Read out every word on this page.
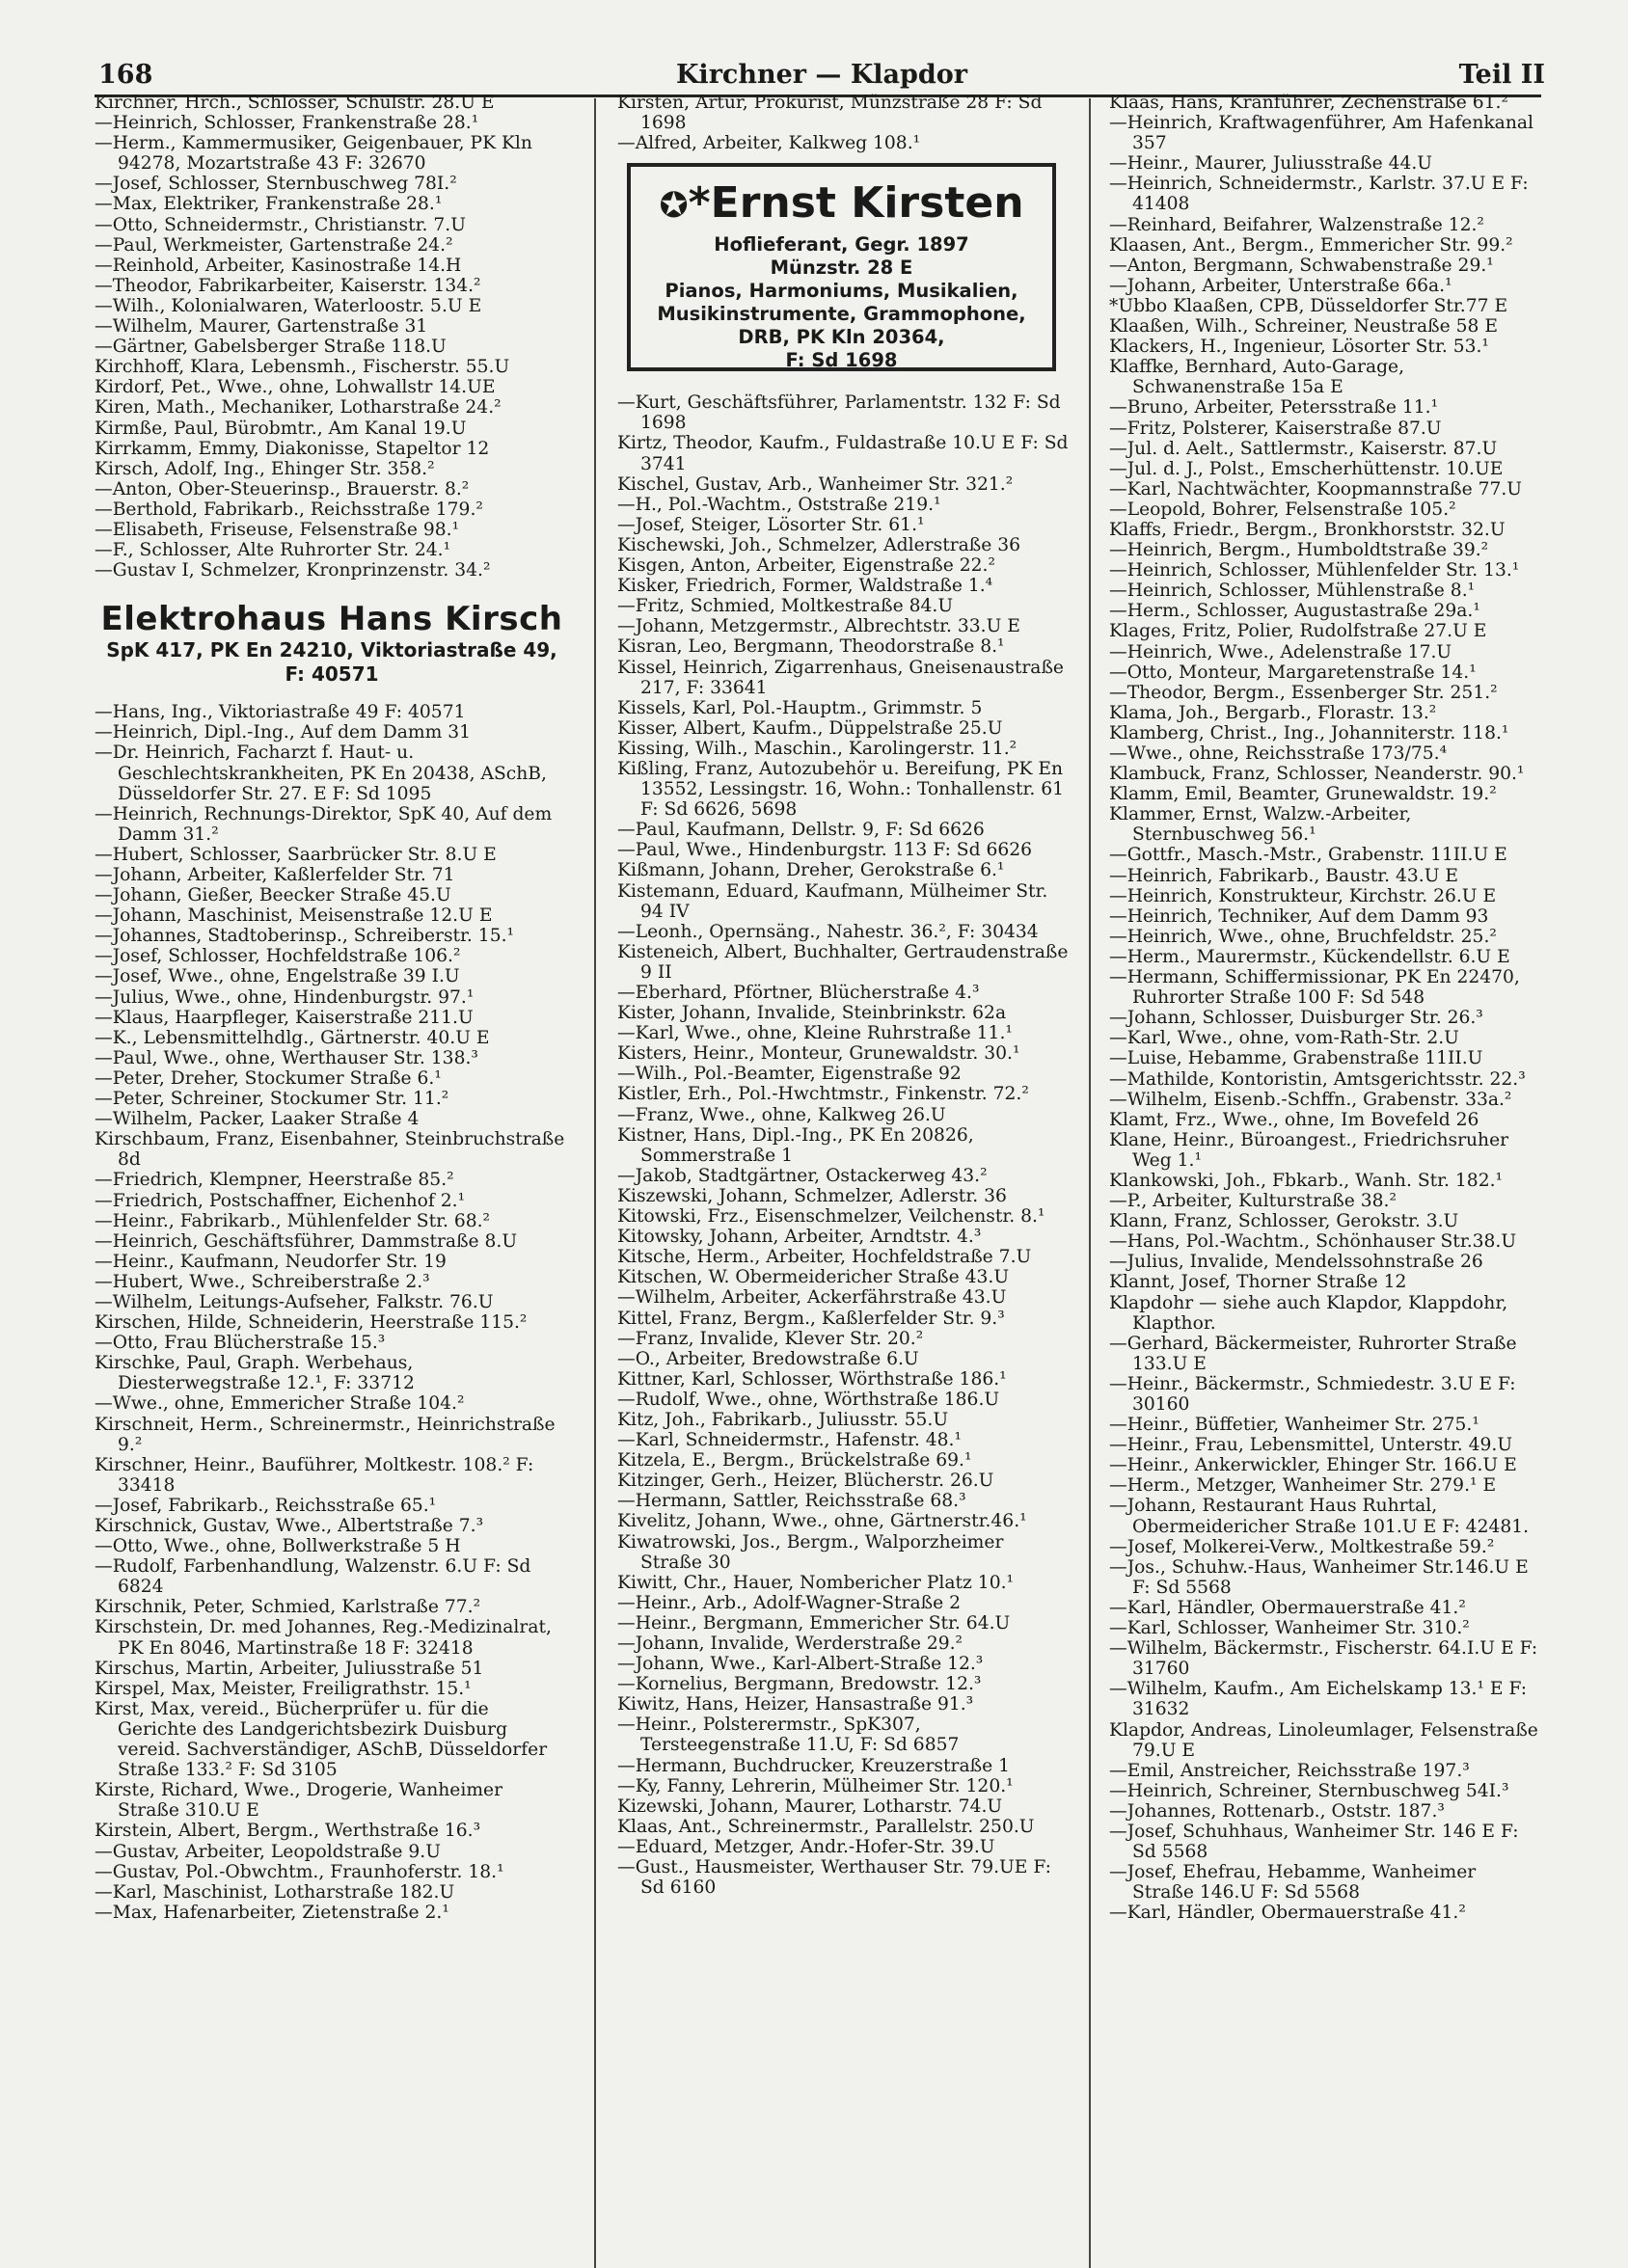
168	Kirchner — Klapdor	Teil II

Kirchner, Hrch., Schlosser, Schulstr. 28.U E

—Heinrich, Schlosser, Frankenstraße 28.¹

—Herm., Kammermusiker, Geigenbauer, PK Kln 94278, Mozartstraße 43 F: 32670

—Josef, Schlosser, Sternbuschweg 78I.²

—Max, Elektriker, Frankenstraße 28.¹

—Otto, Schneidermstr., Christianstr. 7.U

—Paul, Werkmeister, Gartenstraße 24.²

—Reinhold, Arbeiter, Kasinostraße 14.H

—Theodor, Fabrikarbeiter, Kaiserstr. 134.²

—Wilh., Kolonialwaren, Waterloostr. 5.U E

—Wilhelm, Maurer, Gartenstraße 31

—Gärtner, Gabelsberger Straße 118.U

Kirchhoff, Klara, Lebensmh., Fischerstr. 55.U

Kirdorf, Pet., Wwe., ohne, Lohwallstr 14.UE

Kiren, Math., Mechaniker, Lotharstraße 24.²

Kirmße, Paul, Bürobmtr., Am Kanal 19.U

Kirrkamm, Emmy, Diakonisse, Stapeltor 12

Kirsch, Adolf, Ing., Ehinger Str. 358.²

—Anton, Ober-Steuerinsp., Brauerstr. 8.²

—Berthold, Fabrikarb., Reichsstraße 179.²

—Elisabeth, Friseuse, Felsenstraße 98.¹

—F., Schlosser, Alte Ruhrorter Str. 24.¹

—Gustav I, Schmelzer, Kronprinzenstr. 34.²

Elektrohaus Hans Kirsch
SpK 417, PK En 24210, Viktoriastraße 49,
F: 40571

—Hans, Ing., Viktoriastraße 49 F: 40571

—Heinrich, Dipl.-Ing., Auf dem Damm 31

—Dr. Heinrich, Facharzt f. Haut- u. Geschlechtskrankheiten, PK En 20438, ASchB, Düsseldorfer Str. 27. E F: Sd 1095

—Heinrich, Rechnungs-Direktor, SpK 40, Auf dem Damm 31.²

—Hubert, Schlosser, Saarbrücker Str. 8.U E

—Johann, Arbeiter, Kaßlerfelder Str. 71

—Johann, Gießer, Beecker Straße 45.U

—Johann, Maschinist, Meisenstraße 12.U E

—Johannes, Stadtoberinsp., Schreiberstr. 15.¹

—Josef, Schlosser, Hochfeldstraße 106.²

—Josef, Wwe., ohne, Engelstraße 39 I.U

—Julius, Wwe., ohne, Hindenburgstr. 97.¹

—Klaus, Haarpfleger, Kaiserstraße 211.U

—K., Lebensmittelhdlg., Gärtnerstr. 40.U E

—Paul, Wwe., ohne, Werthauser Str. 138.³

—Peter, Dreher, Stockumer Straße 6.¹

—Peter, Schreiner, Stockumer Str. 11.²

—Wilhelm, Packer, Laaker Straße 4

Kirschbaum, Franz, Eisenbahner, Steinbruchstraße 8d

—Friedrich, Klempner, Heerstraße 85.²

—Friedrich, Postschaffner, Eichenhof 2.¹

—Heinr., Fabrikarb., Mühlenfelder Str. 68.²

—Heinrich, Geschäftsführer, Dammstraße 8.U

—Heinr., Kaufmann, Neudorfer Str. 19

—Hubert, Wwe., Schreiberstraße 2.³

—Wilhelm, Leitungs-Aufseher, Falkstr. 76.U

Kirschen, Hilde, Schneiderin, Heerstraße 115.²

—Otto, Frau Blücherstraße 15.³

Kirschke, Paul, Graph. Werbehaus, Diesterwegstraße 12.¹, F: 33712

—Wwe., ohne, Emmericher Straße 104.²

Kirschneit, Herm., Schreinermstr., Heinrichstraße 9.²

Kirschner, Heinr., Bauführer, Moltkestr. 108.² F: 33418

—Josef, Fabrikarb., Reichsstraße 65.¹

Kirschnick, Gustav, Wwe., Albertstraße 7.³

—Otto, Wwe., ohne, Bollwerkstraße 5 H

—Rudolf, Farbenhandlung, Walzenstr. 6.U F: Sd 6824

Kirschnik, Peter, Schmied, Karlstraße 77.²

Kirschstein, Dr. med Johannes, Reg.-Medizinalrat, PK En 8046, Martinstraße 18 F: 32418

Kirschus, Martin, Arbeiter, Juliusstraße 51

Kirspel, Max, Meister, Freiligrathstr. 15.¹

Kirst, Max, vereid., Bücherprüfer u. für die Gerichte des Landgerichtsbezirk Duisburg vereid. Sachverständiger, ASchB, Düsseldorfer Straße 133.² F: Sd 3105

Kirste, Richard, Wwe., Drogerie, Wanheimer Straße 310.U E

Kirstein, Albert, Bergm., Werthstraße 16.³

—Gustav, Arbeiter, Leopoldstraße 9.U

—Gustav, Pol.-Obwchtm., Fraunhoferstr. 18.¹

—Karl, Maschinist, Lotharstraße 182.U

—Max, Hafenarbeiter, Zietenstraße 2.¹

Kirsten, Artur, Prokurist, Münzstraße 28 F: Sd 1698

—Alfred, Arbeiter, Kalkweg 108.¹

✪*Ernst Kirsten
Hoflieferant, Gegr. 1897
Münzstr. 28 E
Pianos, Harmoniums, Musikalien,
Musikinstrumente, Grammophone,
DRB, PK Kln 20364,
F: Sd 1698

—Kurt, Geschäftsführer, Parlamentstr. 132 F: Sd 1698

Kirtz, Theodor, Kaufm., Fuldastraße 10.U E F: Sd 3741

Kischel, Gustav, Arb., Wanheimer Str. 321.²

—H., Pol.-Wachtm., Oststraße 219.¹

—Josef, Steiger, Lösorter Str. 61.¹

Kischewski, Joh., Schmelzer, Adlerstraße 36

Kisgen, Anton, Arbeiter, Eigenstraße 22.²

Kisker, Friedrich, Former, Waldstraße 1.⁴

—Fritz, Schmied, Moltkestraße 84.U

—Johann, Metzgermstr., Albrechtstr. 33.U E

Kisran, Leo, Bergmann, Theodorstraße 8.¹

Kissel, Heinrich, Zigarrenhaus, Gneisenaustraße 217, F: 33641

Kissels, Karl, Pol.-Hauptm., Grimmstr. 5

Kisser, Albert, Kaufm., Düppelstraße 25.U

Kissing, Wilh., Maschin., Karolingerstr. 11.²

Kißling, Franz, Autozubehör u. Bereifung, PK En 13552, Lessingstr. 16, Wohn.: Tonhallenstr. 61 F: Sd 6626, 5698

—Paul, Kaufmann, Dellstr. 9, F: Sd 6626

—Paul, Wwe., Hindenburgstr. 113 F: Sd 6626

Kißmann, Johann, Dreher, Gerokstraße 6.¹

Kistemann, Eduard, Kaufmann, Mülheimer Str. 94 IV

—Leonh., Opernsäng., Nahestr. 36.², F: 30434

Kisteneich, Albert, Buchhalter, Gertraudenstraße 9 II

—Eberhard, Pförtner, Blücherstraße 4.³

Kister, Johann, Invalide, Steinbrinkstr. 62a

—Karl, Wwe., ohne, Kleine Ruhrstraße 11.¹

Kisters, Heinr., Monteur, Grunewaldstr. 30.¹

—Wilh., Pol.-Beamter, Eigenstraße 92

Kistler, Erh., Pol.-Hwchtmstr., Finkenstr. 72.²

—Franz, Wwe., ohne, Kalkweg 26.U

Kistner, Hans, Dipl.-Ing., PK En 20826, Sommerstraße 1

—Jakob, Stadtgärtner, Ostackerweg 43.²

Kiszewski, Johann, Schmelzer, Adlerstr. 36

Kitowski, Frz., Eisenschmelzer, Veilchenstr. 8.¹

Kitowsky, Johann, Arbeiter, Arndtstr. 4.³

Kitsche, Herm., Arbeiter, Hochfeldstraße 7.U

Kitschen, W. Obermeidericher Straße 43.U

—Wilhelm, Arbeiter, Ackerfährstraße 43.U

Kittel, Franz, Bergm., Kaßlerfelder Str. 9.³

—Franz, Invalide, Klever Str. 20.²

—O., Arbeiter, Bredowstraße 6.U

Kittner, Karl, Schlosser, Wörthstraße 186.¹

—Rudolf, Wwe., ohne, Wörthstraße 186.U

Kitz, Joh., Fabrikarb., Juliusstr. 55.U

—Karl, Schneidermstr., Hafenstr. 48.¹

Kitzela, E., Bergm., Brückelstraße 69.¹

Kitzinger, Gerh., Heizer, Blücherstr. 26.U

—Hermann, Sattler, Reichsstraße 68.³

Kivelitz, Johann, Wwe., ohne, Gärtnerstr.46.¹

Kiwatrowski, Jos., Bergm., Walporzheimer Straße 30

Kiwitt, Chr., Hauer, Nombericher Platz 10.¹

—Heinr., Arb., Adolf-Wagner-Straße 2

—Heinr., Bergmann, Emmericher Str. 64.U

—Johann, Invalide, Werderstraße 29.²

—Johann, Wwe., Karl-Albert-Straße 12.³

—Kornelius, Bergmann, Bredowstr. 12.³

Kiwitz, Hans, Heizer, Hansastraße 91.³

—Heinr., Polsterermstr., SpK307, Tersteegenstraße 11.U, F: Sd 6857

—Hermann, Buchdrucker, Kreuzerstraße 1

—Ky, Fanny, Lehrerin, Mülheimer Str. 120.¹

Kizewski, Johann, Maurer, Lotharstr. 74.U

Klaas, Ant., Schreinermstr., Parallelstr. 250.U

—Eduard, Metzger, Andr.-Hofer-Str. 39.U

—Gust., Hausmeister, Werthauser Str. 79.UE F: Sd 6160

Klaas, Hans, Kranführer, Zechenstraße 61.²

—Heinrich, Kraftwagenführer, Am Hafenkanal 357

—Heinr., Maurer, Juliusstraße 44.U

—Heinrich, Schneidermstr., Karlstr. 37.U E F: 41408

—Reinhard, Beifahrer, Walzenstraße 12.²

Klaasen, Ant., Bergm., Emmericher Str. 99.²

—Anton, Bergmann, Schwabenstraße 29.¹

—Johann, Arbeiter, Unterstraße 66a.¹

*Ubbo Klaaßen, CPB, Düsseldorfer Str.77 E

Klaaßen, Wilh., Schreiner, Neustraße 58 E

Klackers, H., Ingenieur, Lösorter Str. 53.¹

Klaffke, Bernhard, Auto-Garage, Schwanenstraße 15a E

—Bruno, Arbeiter, Petersstraße 11.¹

—Fritz, Polsterer, Kaiserstraße 87.U

—Jul. d. Aelt., Sattlermstr., Kaiserstr. 87.U

—Jul. d. J., Polst., Emscherhüttenstr. 10.UE

—Karl, Nachtwächter, Koopmannstraße 77.U

—Leopold, Bohrer, Felsenstraße 105.²

Klaffs, Friedr., Bergm., Bronkhorststr. 32.U

—Heinrich, Bergm., Humboldtstraße 39.²

—Heinrich, Schlosser, Mühlenfelder Str. 13.¹

—Heinrich, Schlosser, Mühlenstraße 8.¹

—Herm., Schlosser, Augustastraße 29a.¹

Klages, Fritz, Polier, Rudolfstraße 27.U E

—Heinrich, Wwe., Adelenstraße 17.U

—Otto, Monteur, Margaretenstraße 14.¹

—Theodor, Bergm., Essenberger Str. 251.²

Klama, Joh., Bergarb., Florastr. 13.²

Klamberg, Christ., Ing., Johanniterstr. 118.¹

—Wwe., ohne, Reichsstraße 173/75.⁴

Klambuck, Franz, Schlosser, Neanderstr. 90.¹

Klamm, Emil, Beamter, Grunewaldstr. 19.²

Klammer, Ernst, Walzw.-Arbeiter, Sternbuschweg 56.¹

—Gottfr., Masch.-Mstr., Grabenstr. 11II.U E

—Heinrich, Fabrikarb., Baustr. 43.U E

—Heinrich, Konstrukteur, Kirchstr. 26.U E

—Heinrich, Techniker, Auf dem Damm 93

—Heinrich, Wwe., ohne, Bruchfeldstr. 25.²

—Herm., Maurermstr., Kückendellstr. 6.U E

—Hermann, Schiffermissionar, PK En 22470, Ruhrorter Straße 100 F: Sd 548

—Johann, Schlosser, Duisburger Str. 26.³

—Karl, Wwe., ohne, vom-Rath-Str. 2.U

—Luise, Hebamme, Grabenstraße 11II.U

—Mathilde, Kontoristin, Amtsgerichtsstr. 22.³

—Wilhelm, Eisenb.-Schffn., Grabenstr. 33a.²

Klamt, Frz., Wwe., ohne, Im Bovefeld 26

Klane, Heinr., Büroangest., Friedrichsruher Weg 1.¹

Klankowski, Joh., Fbkarb., Wanh. Str. 182.¹

—P., Arbeiter, Kulturstraße 38.²

Klann, Franz, Schlosser, Gerokstr. 3.U

—Hans, Pol.-Wachtm., Schönhauser Str.38.U

—Julius, Invalide, Mendelssohnstraße 26

Klannt, Josef, Thorner Straße 12

Klapdohr — siehe auch Klapdor, Klappdohr, Klapthor.

—Gerhard, Bäckermeister, Ruhrorter Straße 133.U E

—Heinr., Bäckermstr., Schmiedestr. 3.U E F: 30160

—Heinr., Büffetier, Wanheimer Str. 275.¹

—Heinr., Frau, Lebensmittel, Unterstr. 49.U

—Heinr., Ankerwickler, Ehinger Str. 166.U E

—Herm., Metzger, Wanheimer Str. 279.¹ E

—Johann, Restaurant Haus Ruhrtal, Obermeidericher Straße 101.U E F: 42481.

—Josef, Molkerei-Verw., Moltkestraße 59.²

—Jos., Schuhw.-Haus, Wanheimer Str.146.U E F: Sd 5568

—Karl, Händler, Obermauerstraße 41.²

—Karl, Schlosser, Wanheimer Str. 310.²

—Wilhelm, Bäckermstr., Fischerstr. 64.I.U E F: 31760

—Wilhelm, Kaufm., Am Eichelskamp 13.¹ E F: 31632

Klapdor, Andreas, Linoleumlager, Felsenstraße 79.U E

—Emil, Anstreicher, Reichsstraße 197.³

—Heinrich, Schreiner, Sternbuschweg 54I.³

—Johannes, Rottenarb., Oststr. 187.³

—Josef, Schuhhaus, Wanheimer Str. 146 E F: Sd 5568

—Josef, Ehefrau, Hebamme, Wanheimer Straße 146.U F: Sd 5568

—Karl, Händler, Obermauerstraße 41.²
